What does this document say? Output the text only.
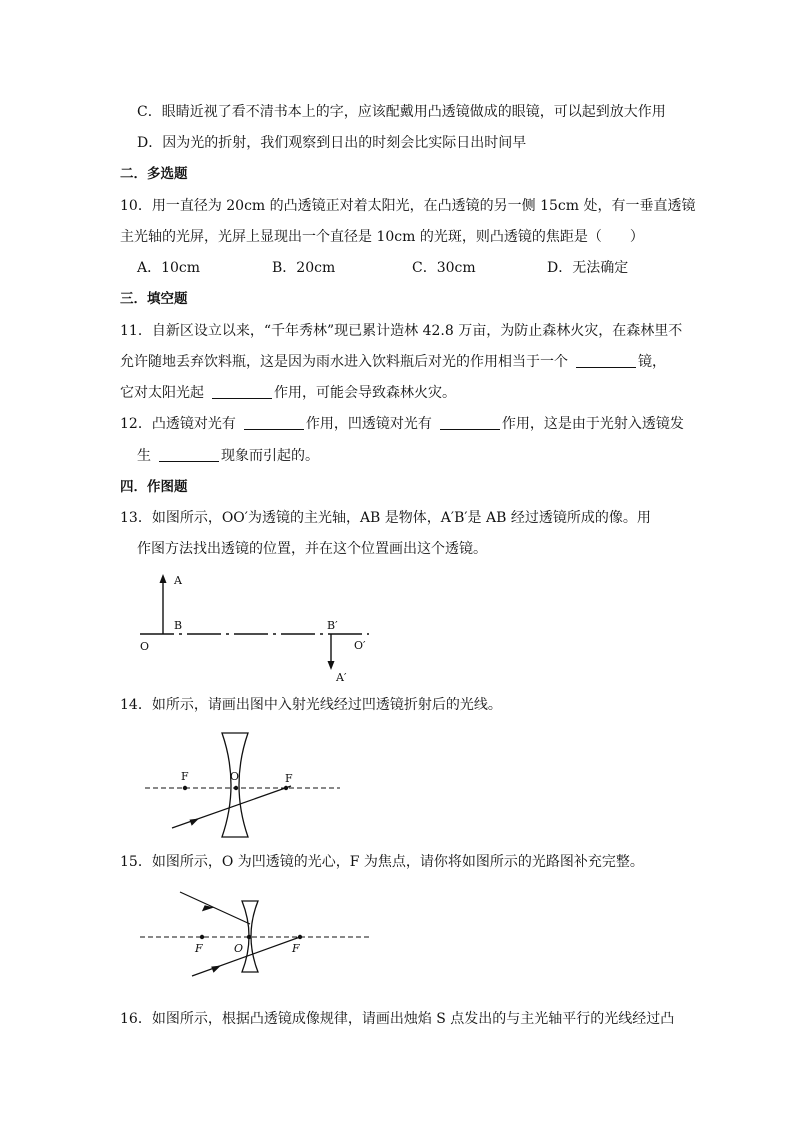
C．眼睛近视了看不清书本上的字，应该配戴用凸透镜做成的眼镜，可以起到放大作用
D．因为光的折射，我们观察到日出的时刻会比实际日出时间早
二．多选题
10．用一直径为 20cm 的凸透镜正对着太阳光，在凸透镜的另一侧 15cm 处，有一垂直透镜
主光轴的光屏，光屏上显现出一个直径是 10cm 的光斑，则凸透镜的焦距是（　　）
A．10cm	B．20cm	C．30cm	D．无法确定
三．填空题
11．自新区设立以来，“千年秀林”现已累计造林 42.8 万亩，为防止森林火灾，在森林里不
允许随地丢弃饮料瓶，这是因为雨水进入饮料瓶后对光的作用相当于一个	镜，
它对太阳光起	作用，可能会导致森林火灾。
12．凸透镜对光有	作用，凹透镜对光有	作用，这是由于光射入透镜发
生	现象而引起的。
四．作图题
13．如图所示，OO′为透镜的主光轴，AB 是物体，A′B′是 AB 经过透镜所成的像。用
作图方法找出透镜的位置，并在这个位置画出这个透镜。
A
B
O
B′
O′
A′
14．如所示，请画出图中入射光线经过凹透镜折射后的光线。
F	O	F
15．如图所示，O 为凹透镜的光心，F 为焦点，请你将如图所示的光路图补充完整。
F	O	F
16．如图所示，根据凸透镜成像规律，请画出烛焰 S 点发出的与主光轴平行的光线经过凸
